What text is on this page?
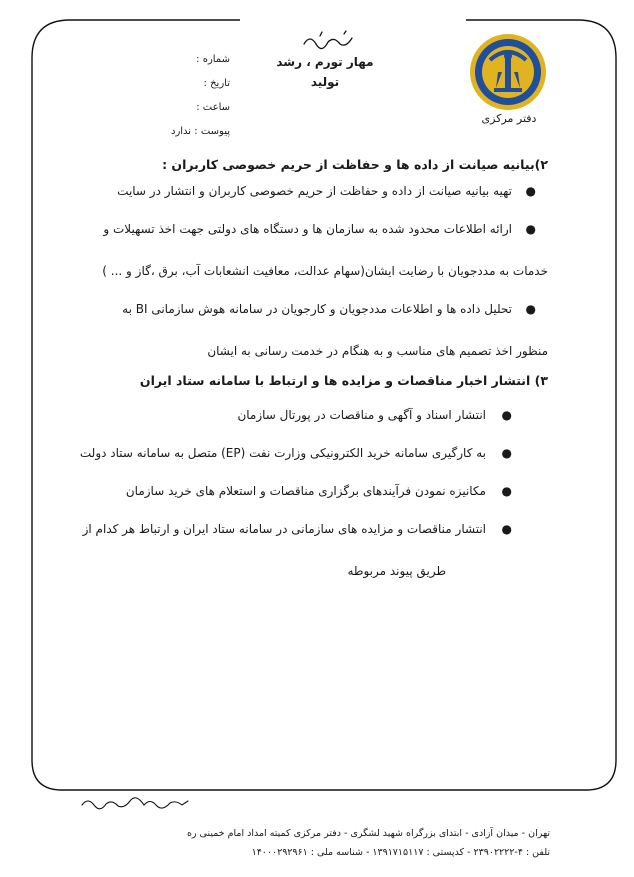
دفتر مرکزی
مهار تورم ، رشد
تولید
شماره :
تاریخ :
ساعت :
پیوست : ندارد
۲)بیانیه صیانت از داده ها و حفاظت از حریم خصوصی کاربران :
●
تهیه بیانیه صیانت از داده و حفاظت از حریم خصوصی کاربران و انتشار در سایت
●
ارائه اطلاعات محدود شده به سازمان ها و دستگاه های دولتی جهت اخذ تسهیلات و
خدمات به مددجویان با رضایت ایشان(سهام عدالت، معافیت انشعابات آب، برق ،گاز و ... )
●
تحلیل داده ها و اطلاعات مددجویان و کارجویان در سامانه هوش سازمانی BI به
منظور اخذ تصمیم های مناسب و به هنگام در خدمت رسانی به ایشان
۳) انتشار اخبار مناقصات و مزایده ها و ارتباط با سامانه ستاد ایران
●
انتشار اسناد و آگهی و مناقصات در پورتال سازمان
●
به کارگیری سامانه خرید الکترونیکی وزارت نفت (EP) متصل به سامانه ستاد دولت
●
مکانیزه نمودن فرآیندهای برگزاری مناقصات و استعلام های خرید سازمان
●
انتشار مناقصات و مزایده های سازمانی در سامانه ستاد ایران و ارتباط هر کدام از
طریق پیوند مربوطه
تهران - میدان آزادی - ابتدای بزرگراه شهید لشگری - دفتر مرکزی کمیته امداد امام خمینی ره
تلفن : ۴-۲۳۹۰۲۲۲۲ - کدپستی : ۱۳۹۱۷۱۵۱۱۷ - شناسه ملی : ۱۴۰۰۰۲۹۲۹۶۱
